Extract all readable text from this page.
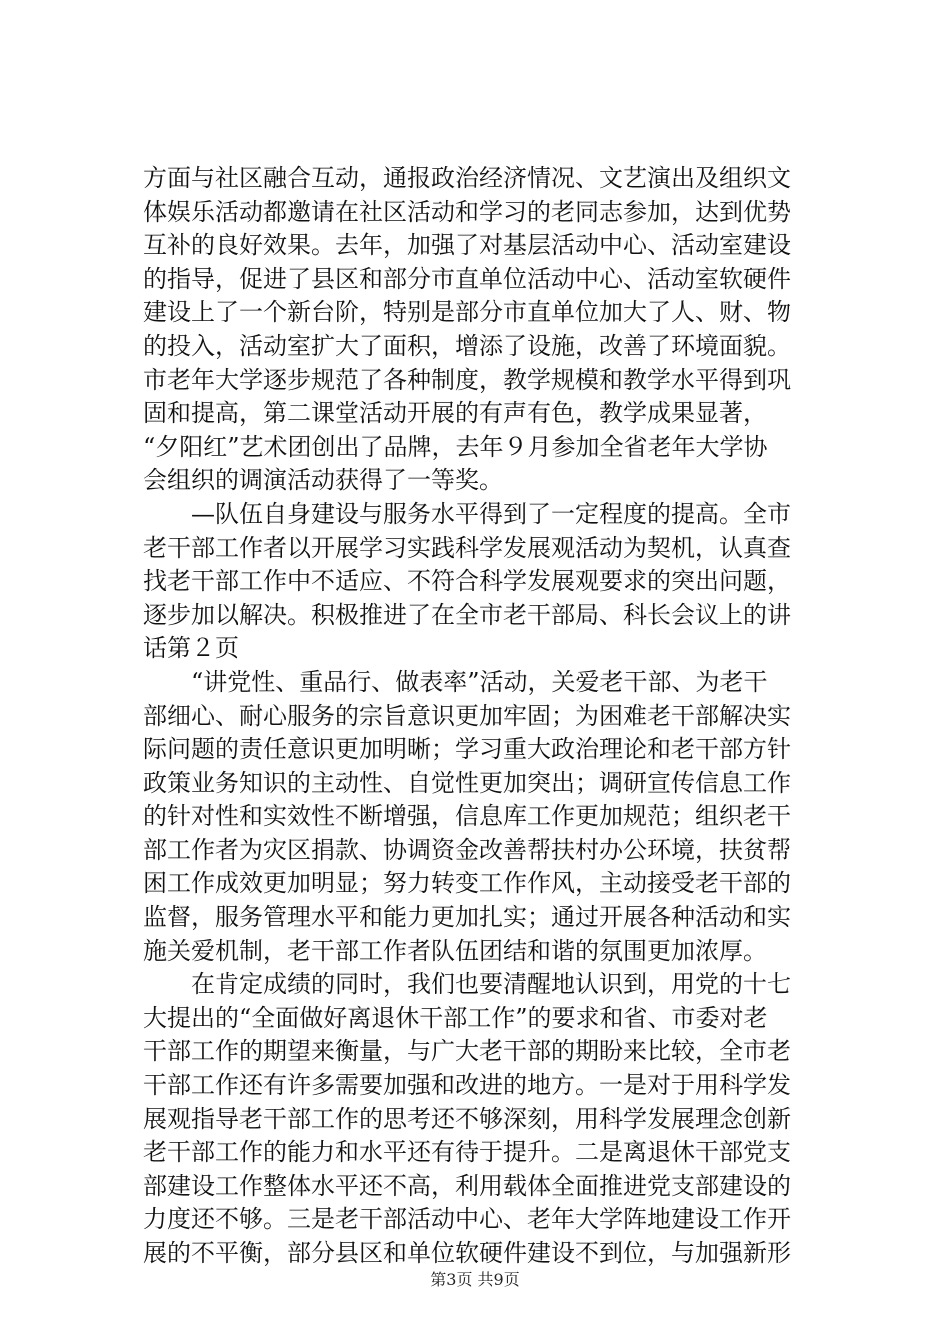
方面与社区融合互动，通报政治经济情况、文艺演出及组织文
体娱乐活动都邀请在社区活动和学习的老同志参加，达到优势
互补的良好效果。去年，加强了对基层活动中心、活动室建设
的指导，促进了县区和部分市直单位活动中心、活动室软硬件
建设上了一个新台阶，特别是部分市直单位加大了人、财、物
的投入，活动室扩大了面积，增添了设施，改善了环境面貌。
市老年大学逐步规范了各种制度，教学规模和教学水平得到巩
固和提高，第二课堂活动开展的有声有色，教学成果显著，
“夕阳红”艺术团创出了品牌，去年９月参加全省老年大学协
会组织的调演活动获得了一等奖。
　　—队伍自身建设与服务水平得到了一定程度的提高。全市
老干部工作者以开展学习实践科学发展观活动为契机，认真查
找老干部工作中不适应、不符合科学发展观要求的突出问题，
逐步加以解决。积极推进了在全市老干部局、科长会议上的讲
话第２页
　　“讲党性、重品行、做表率”活动，关爱老干部、为老干
部细心、耐心服务的宗旨意识更加牢固；为困难老干部解决实
际问题的责任意识更加明晰；学习重大政治理论和老干部方针
政策业务知识的主动性、自觉性更加突出；调研宣传信息工作
的针对性和实效性不断增强，信息库工作更加规范；组织老干
部工作者为灾区捐款、协调资金改善帮扶村办公环境，扶贫帮
困工作成效更加明显；努力转变工作作风，主动接受老干部的
监督，服务管理水平和能力更加扎实；通过开展各种活动和实
施关爱机制，老干部工作者队伍团结和谐的氛围更加浓厚。
　　在肯定成绩的同时，我们也要清醒地认识到，用党的十七
大提出的“全面做好离退休干部工作”的要求和省、市委对老
干部工作的期望来衡量，与广大老干部的期盼来比较，全市老
干部工作还有许多需要加强和改进的地方。一是对于用科学发
展观指导老干部工作的思考还不够深刻，用科学发展理念创新
老干部工作的能力和水平还有待于提升。二是离退休干部党支
部建设工作整体水平还不高，利用载体全面推进党支部建设的
力度还不够。三是老干部活动中心、老年大学阵地建设工作开
展的不平衡，部分县区和单位软硬件建设不到位，与加强新形
第3页 共9页
